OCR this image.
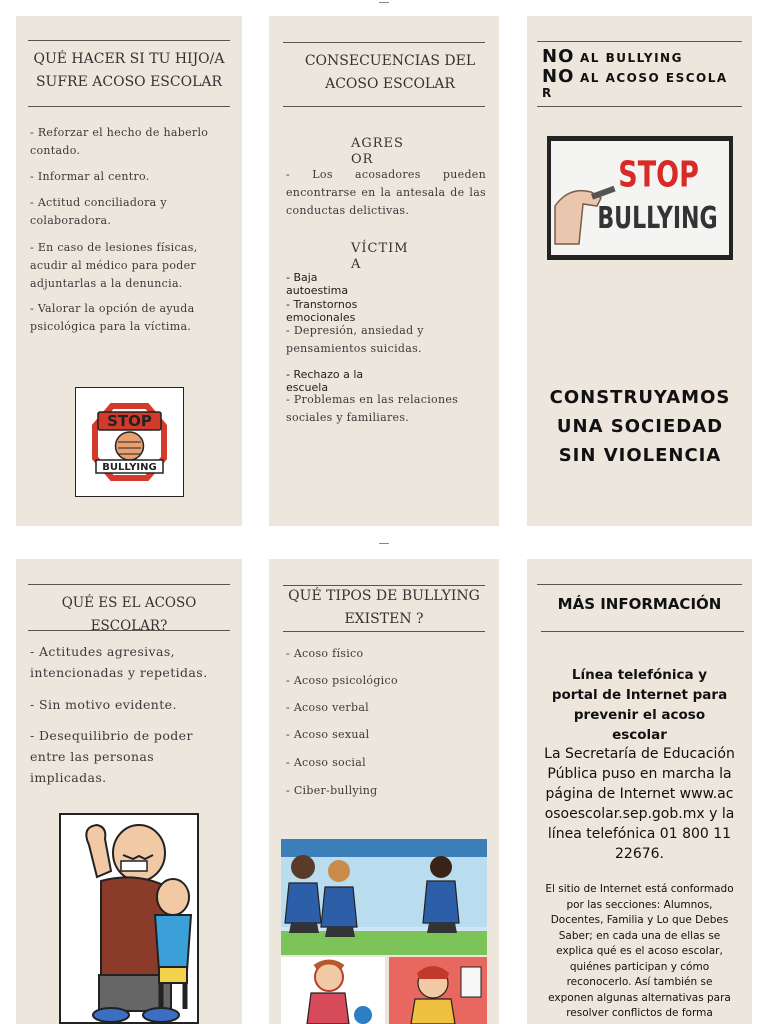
QUÉ HACER SI TU HIJO/A SUFRE ACOSO ESCOLAR
- Reforzar el hecho de haberlo contado.
- Informar al centro.
- Actitud conciliadora y colaboradora.
- En caso de lesiones físicas, acudir al médico para poder adjuntarlas a la denuncia.
- Valorar la opción de ayuda psicológica para la víctima.
STOP
BULLYING
CONSECUENCIAS DEL ACOSO ESCOLAR
AGRESOR
- Los acosadores pueden encontrarse en la antesala de las conductas delictivas.
VÍCTIMA
- Baja autoestima
- Transtornos emocionales
- Depresión, ansiedad y pensamientos suicidas.
- Rechazo a la escuela
- Problemas en las relaciones sociales y familiares.
NO AL BULLYING
NO AL ACOSO ESCOLAR
STOP
BULLYING
CONSTRUYAMOS UNA SOCIEDAD SIN VIOLENCIA
QUÉ ES EL ACOSO ESCOLAR?
- Actitudes agresivas, intencionadas y repetidas.
- Sin motivo evidente.
- Desequilibrio de poder entre las personas implicadas.
QUÉ TIPOS DE BULLYING EXISTEN ?
- Acoso físico
- Acoso psicológico
- Acoso verbal
- Acoso sexual
- Acoso social
- Ciber-bullying
MÁS INFORMACIÓN
Línea telefónica y portal de Internet para prevenir el acoso escolar
La Secretaría de Educación Pública puso en marcha la página de Internet www.acosoescolar.sep.gob.mx y la línea telefónica 01 800 11 22676.
El sitio de Internet está conformado por las secciones: Alumnos, Docentes, Familia y Lo que Debes Saber; en cada una de ellas se explica qué es el acoso escolar, quiénes participan y cómo reconocerlo. Así también se exponen algunas alternativas para resolver conflictos de forma
